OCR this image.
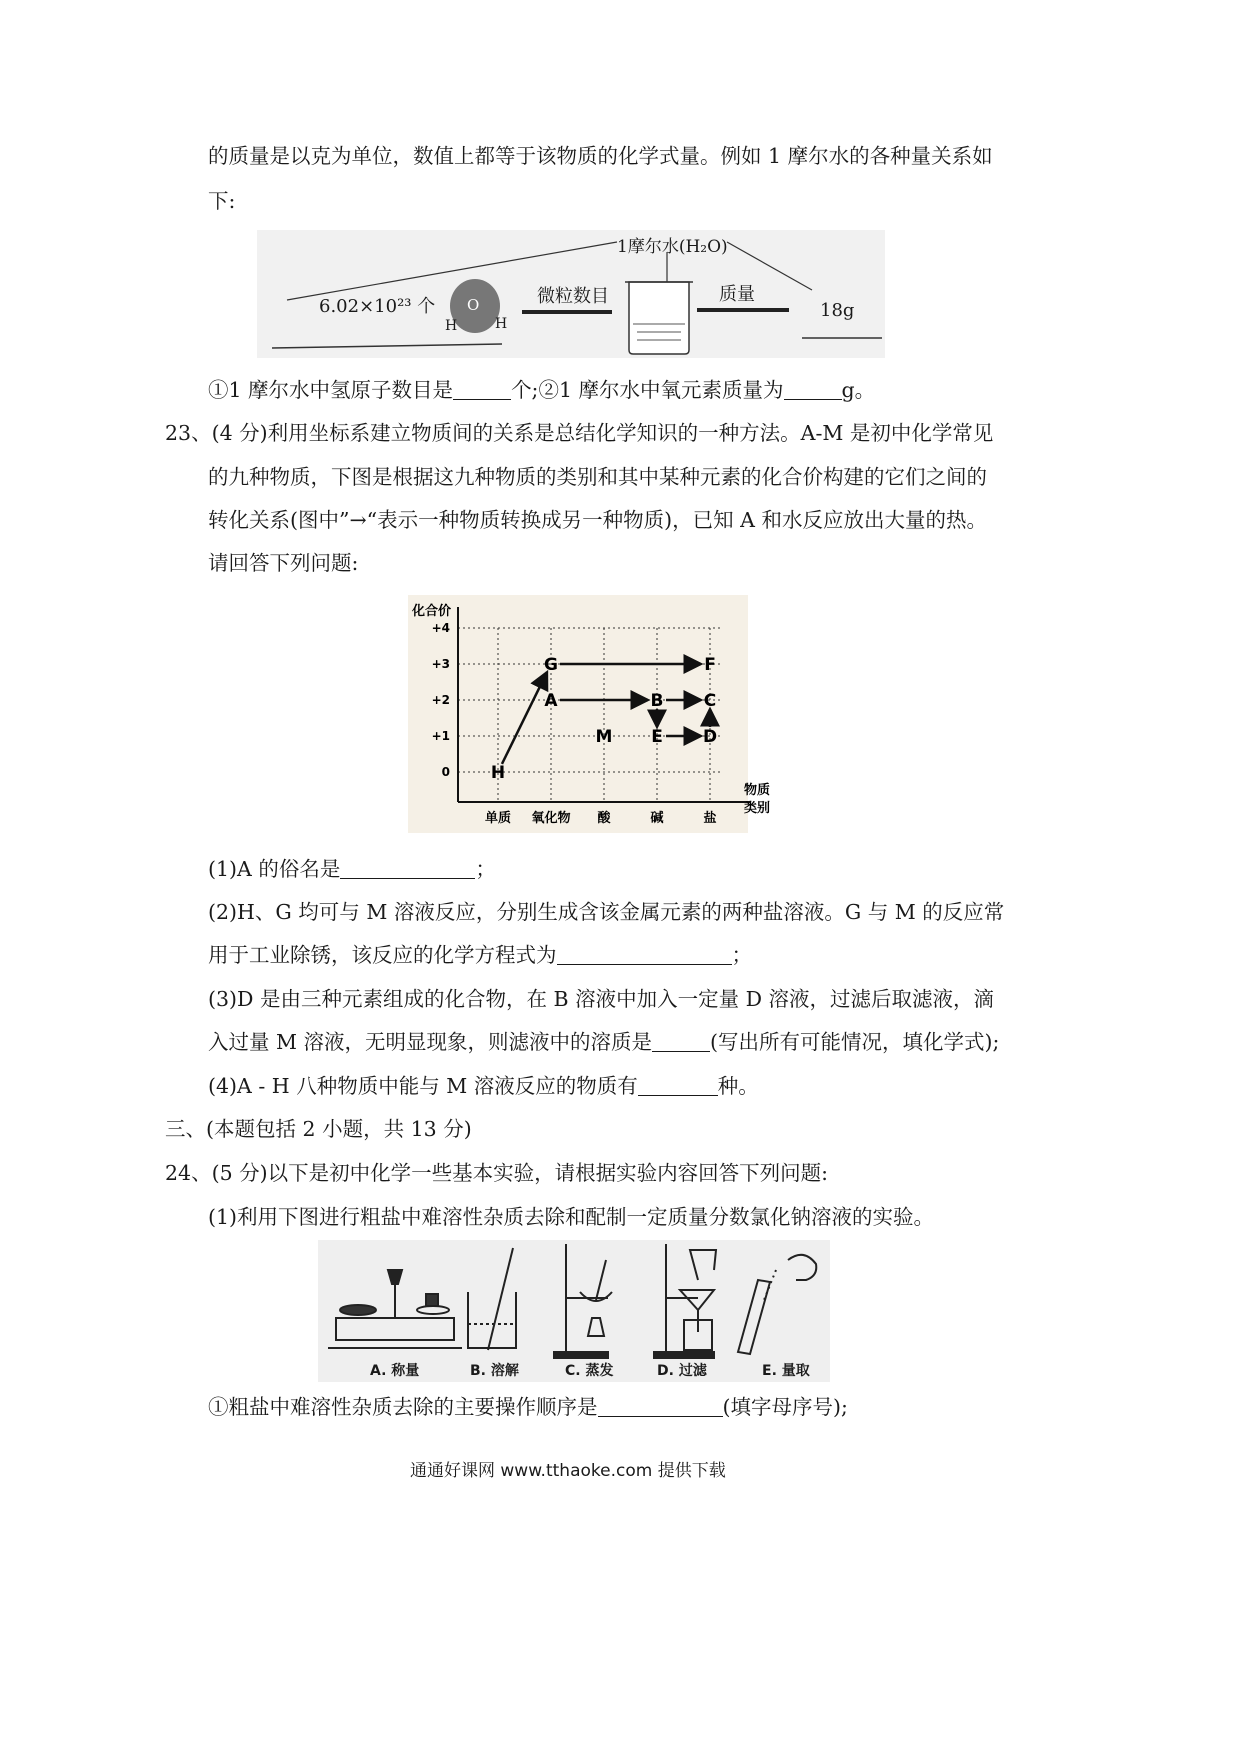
的质量是以克为单位，数值上都等于该物质的化学式量。例如 1 摩尔水的各种量关系如
下:
1摩尔水(H₂O)
6.02×10²³ 个 O
H	H
微粒数目	质量
18g
①1 摩尔水中氢原子数目是	个;②1 摩尔水中氧元素质量为	g。
23、(4 分)利用坐标系建立物质间的关系是总结化学知识的一种方法。A-M 是初中化学常见
的九种物质，下图是根据这九种物质的类别和其中某种元素的化合价构建的它们之间的
转化关系(图中”→“表示一种物质转换成另一种物质)，已知 A 和水反应放出大量的热。
请回答下列问题:
0
+1
+2
+3
+4
单质 氧化物 酸	碱	盐
化合价
物质
类别
H
G
A
F
B C
M E D
(1)A 的俗名是	；
(2)H、G 均可与 M 溶液反应，分别生成含该金属元素的两种盐溶液。G 与 M 的反应常
用于工业除锈，该反应的化学方程式为	；
(3)D 是由三种元素组成的化合物，在 B 溶液中加入一定量 D 溶液，过滤后取滤液，滴
入过量 M 溶液，无明显现象，则滤液中的溶质是	(写出所有可能情况，填化学式);
(4)A - H 八种物质中能与 M 溶液反应的物质有	种。
三、(本题包括 2 小题，共 13 分)
24、(5 分)以下是初中化学一些基本实验，请根据实验内容回答下列问题:
(1)利用下图进行粗盐中难溶性杂质去除和配制一定质量分数氯化钠溶液的实验。
A. 称量	B. 溶解	C. 蒸发	D. 过滤	E. 量取
①粗盐中难溶性杂质去除的主要操作顺序是	(填字母序号);
通通好课网 www.tthaoke.com 提供下载
